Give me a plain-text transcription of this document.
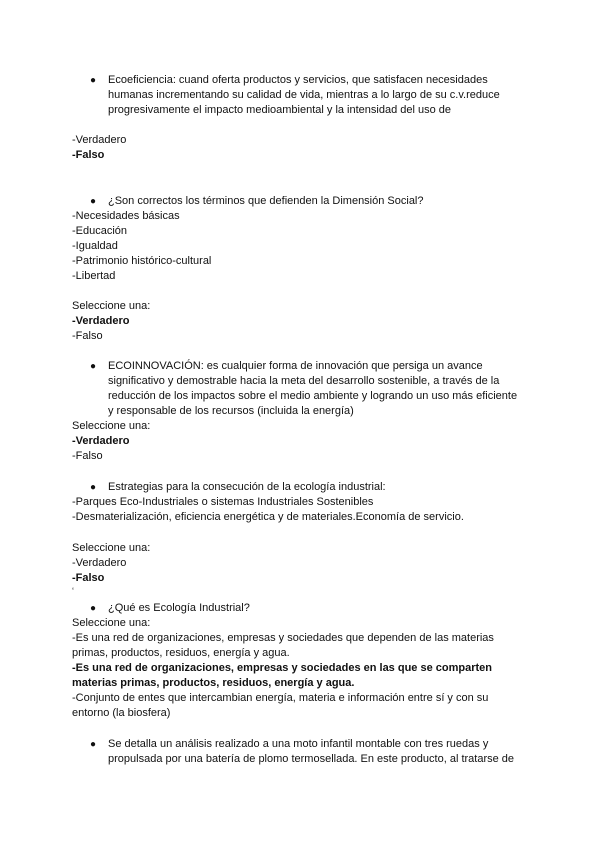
● Ecoeficiencia: cuand oferta productos y servicios, que satisfacen necesidades humanas incrementando su calidad de vida, mientras a lo largo de su c.v.reduce progresivamente el impacto medioambiental y la intensidad del uso de
-Verdadero
-Falso
● ¿Son correctos los términos que defienden la Dimensión Social?
-Necesidades básicas
-Educación
-Igualdad
-Patrimonio histórico-cultural
-Libertad
Seleccione una:
-Verdadero
-Falso
● ECOINNOVACIÓN: es cualquier forma de innovación que persiga un avance significativo y demostrable hacia la meta del desarrollo sostenible, a través de la reducción de los impactos sobre el medio ambiente y logrando un uso más eficiente y responsable de los recursos (incluida la energía)
Seleccione una:
-Verdadero
-Falso
● Estrategias para la consecución de la ecología industrial:
-Parques Eco-Industriales o sistemas Industriales Sostenibles
-Desmaterialización, eficiencia energética y de materiales.Economía de servicio.
Seleccione una:
-Verdadero
-Falso
‘
● ¿Qué es Ecología Industrial?
Seleccione una:
-Es una red de organizaciones, empresas y sociedades que dependen de las materias primas, productos, residuos, energía y agua.
-Es una red de organizaciones, empresas y sociedades en las que se comparten materias primas, productos, residuos, energía y agua.
-Conjunto de entes que intercambian energía, materia e información entre sí y con su entorno (la biosfera)
● Se detalla un análisis realizado a una moto infantil montable con tres ruedas y propulsada por una batería de plomo termosellada. En este producto, al tratarse de
